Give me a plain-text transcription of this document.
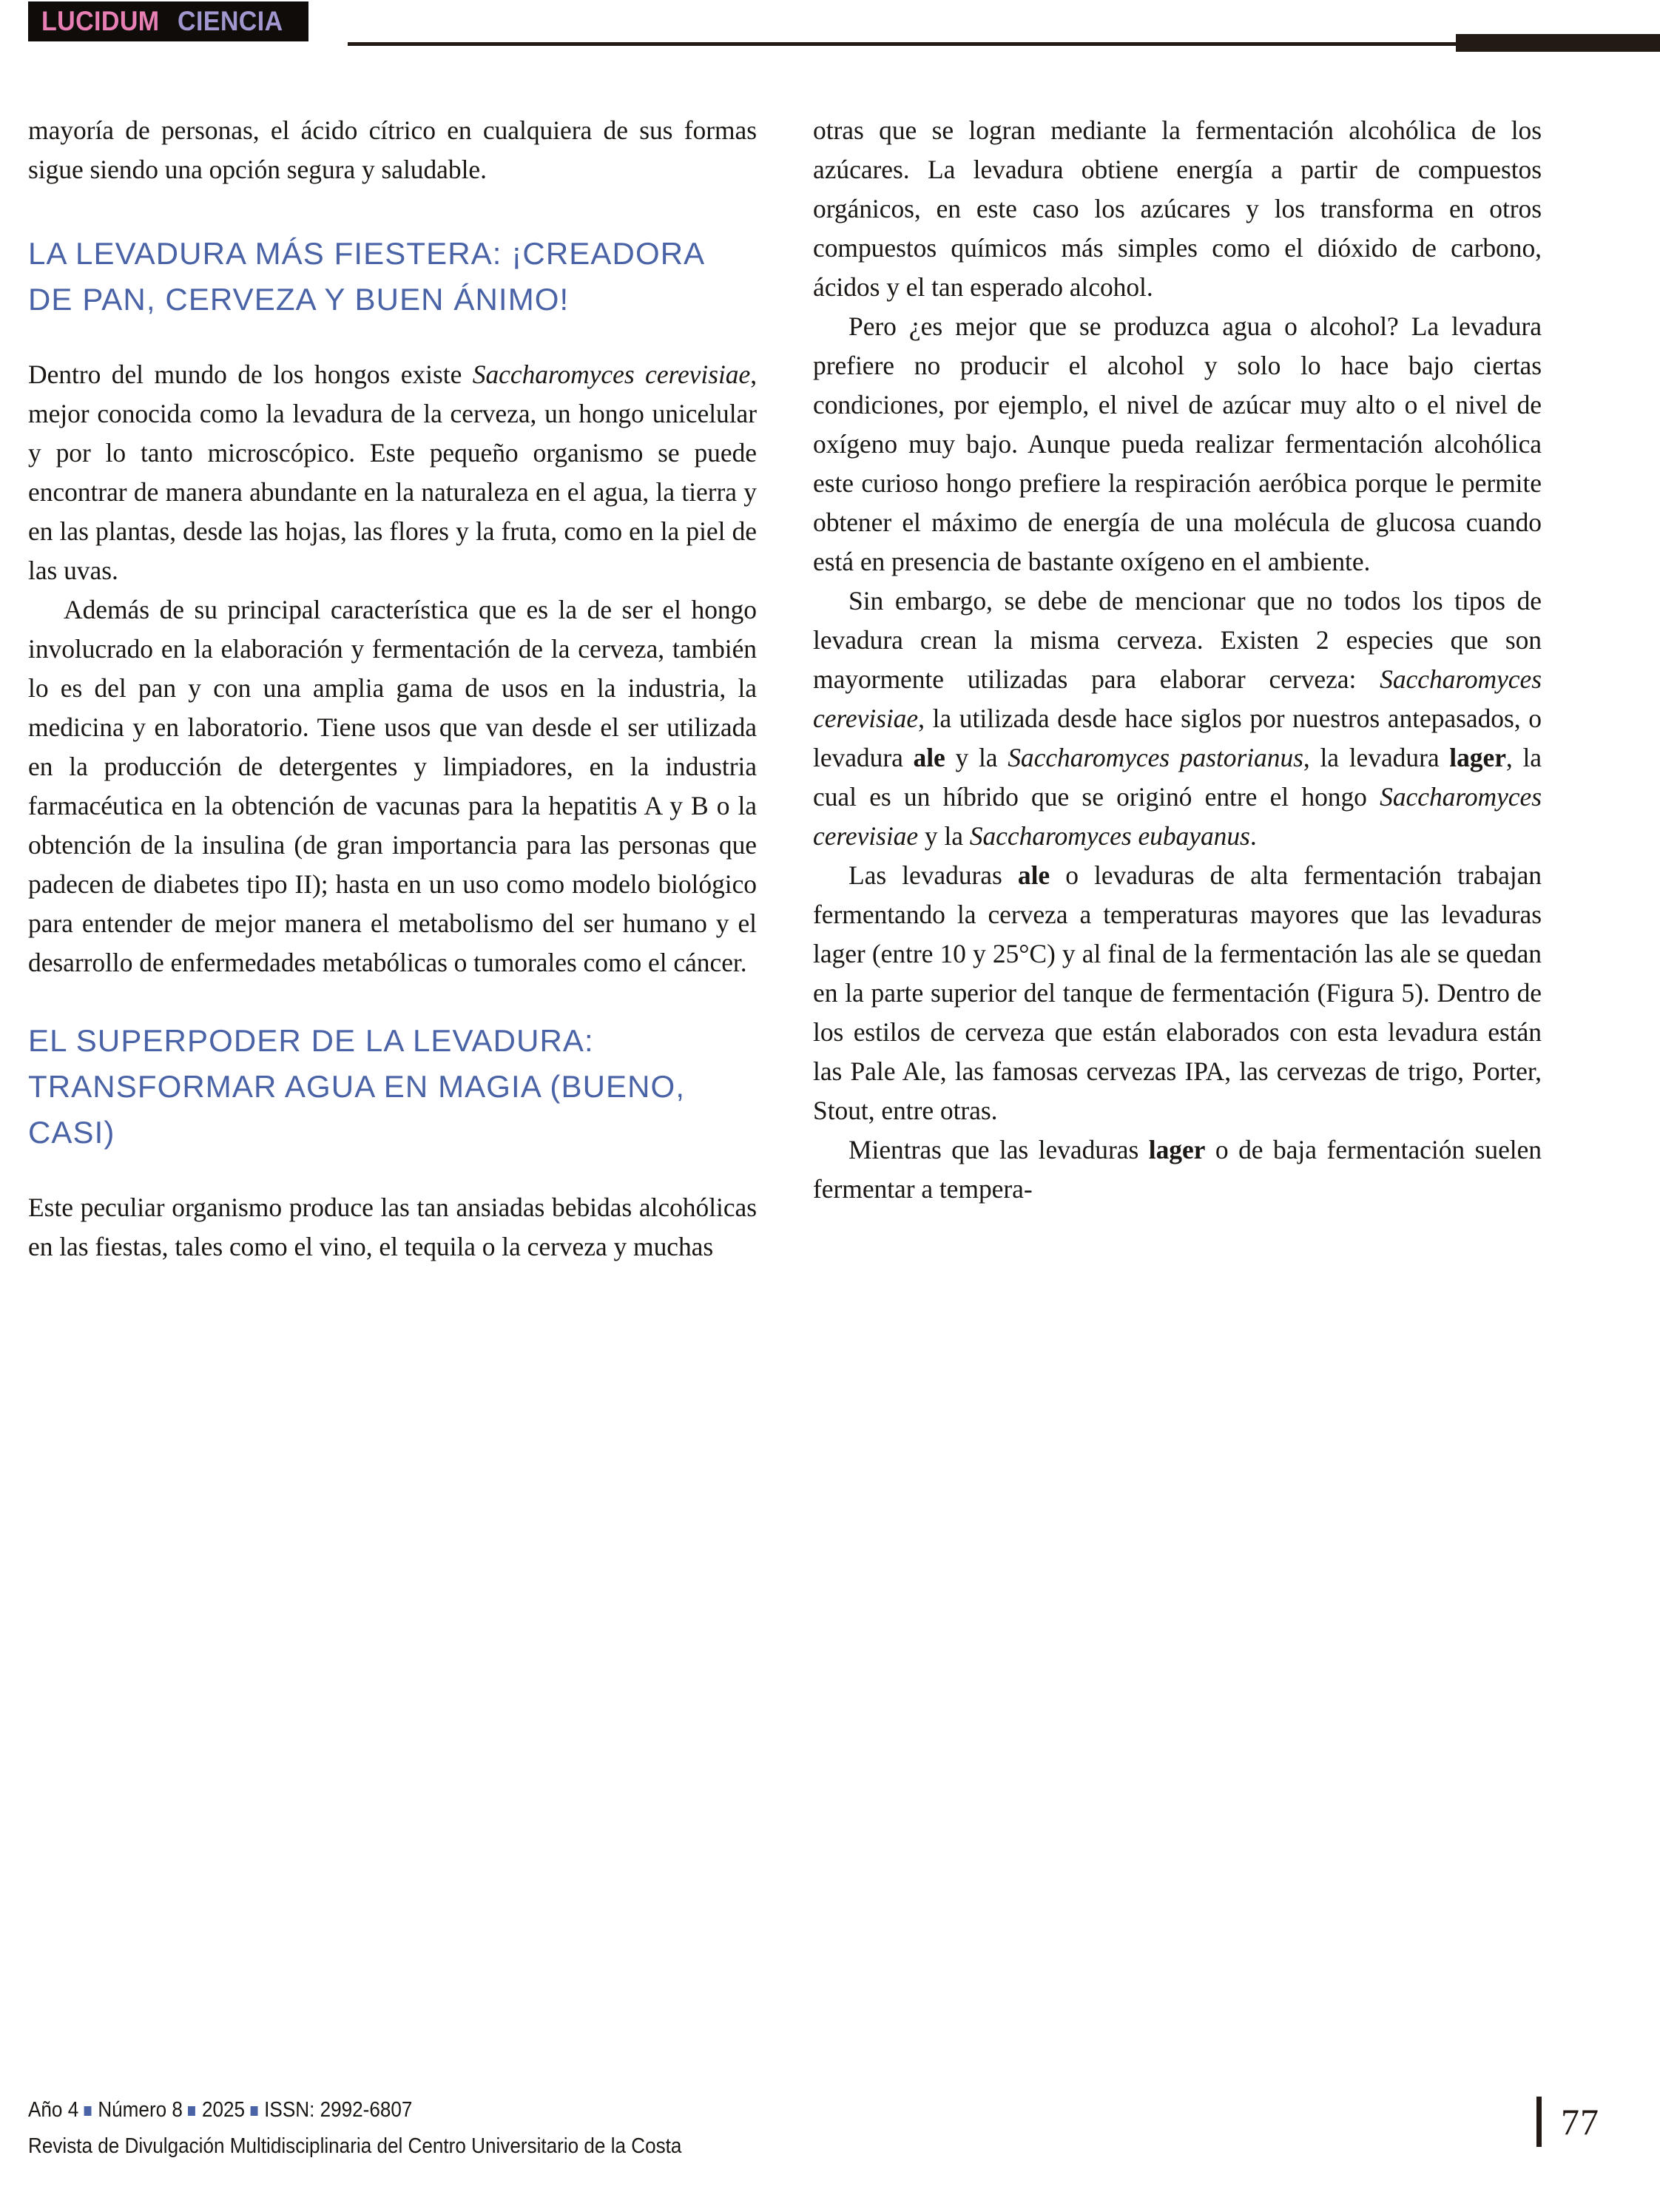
LUCIDUM CIENCIA

mayoría de personas, el ácido cítrico en cualquiera de sus formas sigue siendo una opción segura y saludable.

LA LEVADURA MÁS FIESTERA: ¡CREADORA DE PAN, CERVEZA Y BUEN ÁNIMO!

Dentro del mundo de los hongos existe Saccharomyces cerevisiae, mejor conocida como la levadura de la cerveza, un hongo unicelular y por lo tanto microscópico. Este pequeño organismo se puede encontrar de manera abundante en la naturaleza en el agua, la tierra y en las plantas, desde las hojas, las flores y la fruta, como en la piel de las uvas.

Además de su principal característica que es la de ser el hongo involucrado en la elaboración y fermentación de la cerveza, también lo es del pan y con una amplia gama de usos en la industria, la medicina y en laboratorio. Tiene usos que van desde el ser utilizada en la producción de detergentes y limpiadores, en la industria farmacéutica en la obtención de vacunas para la hepatitis A y B o la obtención de la insulina (de gran importancia para las personas que padecen de diabetes tipo II); hasta en un uso como modelo biológico para entender de mejor manera el metabolismo del ser humano y el desarrollo de enfermedades metabólicas o tumorales como el cáncer.

EL SUPERPODER DE LA LEVADURA: TRANSFORMAR AGUA EN MAGIA (BUENO, CASI)

Este peculiar organismo produce las tan ansiadas bebidas alcohólicas en las fiestas, tales como el vino, el tequila o la cerveza y muchas

otras que se logran mediante la fermentación alcohólica de los azúcares. La levadura obtiene energía a partir de compuestos orgánicos, en este caso los azúcares y los transforma en otros compuestos químicos más simples como el dióxido de carbono, ácidos y el tan esperado alcohol.

Pero ¿es mejor que se produzca agua o alcohol? La levadura prefiere no producir el alcohol y solo lo hace bajo ciertas condiciones, por ejemplo, el nivel de azúcar muy alto o el nivel de oxígeno muy bajo. Aunque pueda realizar fermentación alcohólica este curioso hongo prefiere la respiración aeróbica porque le permite obtener el máximo de energía de una molécula de glucosa cuando está en presencia de bastante oxígeno en el ambiente.

Sin embargo, se debe de mencionar que no todos los tipos de levadura crean la misma cerveza. Existen 2 especies que son mayormente utilizadas para elaborar cerveza: Saccharomyces cerevisiae, la utilizada desde hace siglos por nuestros antepasados, o levadura ale y la Saccharomyces pastorianus, la levadura lager, la cual es un híbrido que se originó entre el hongo Saccharomyces cerevisiae y la Saccharomyces eubayanus.

Las levaduras ale o levaduras de alta fermentación trabajan fermentando la cerveza a temperaturas mayores que las levaduras lager (entre 10 y 25°C) y al final de la fermentación las ale se quedan en la parte superior del tanque de fermentación (Figura 5). Dentro de los estilos de cerveza que están elaborados con esta levadura están las Pale Ale, las famosas cervezas IPA, las cervezas de trigo, Porter, Stout, entre otras.

Mientras que las levaduras lager o de baja fermentación suelen fermentar a tempera-

Año 4 Número 8 2025 ISSN: 2992-6807
Revista de Divulgación Multidisciplinaria del Centro Universitario de la Costa
77
